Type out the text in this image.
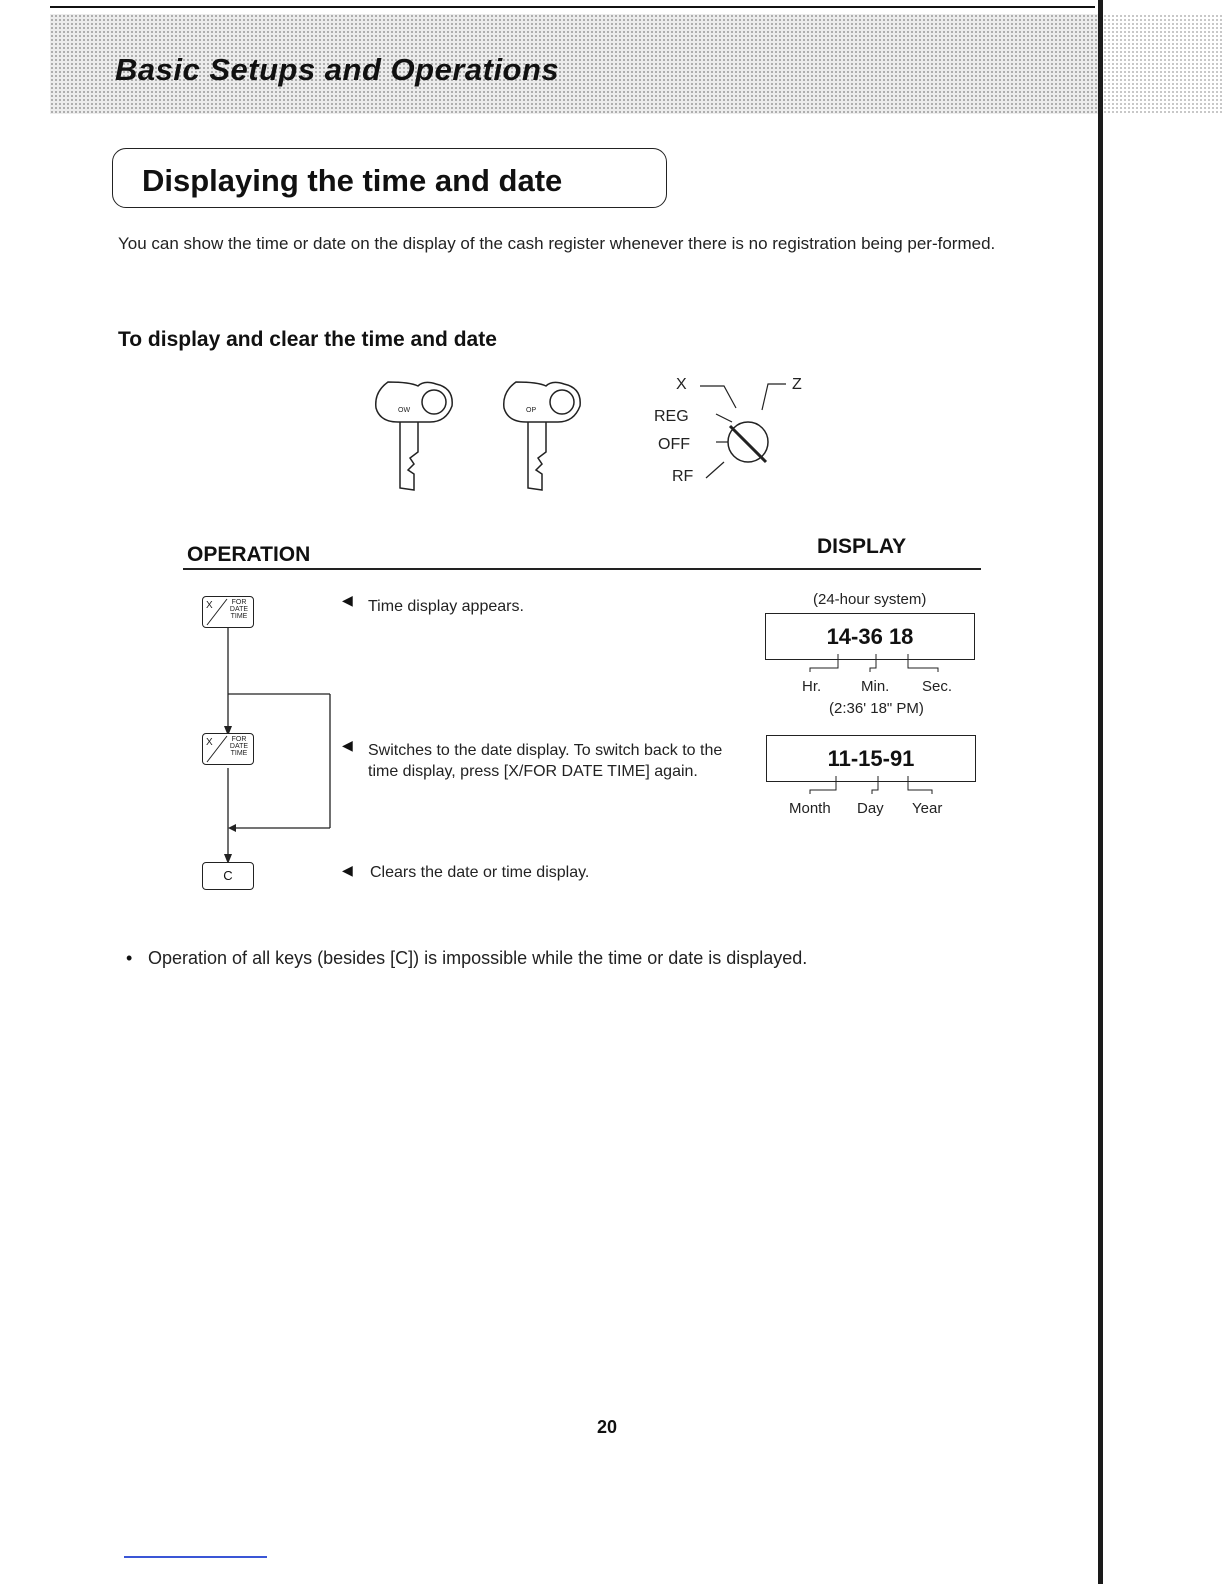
Basic Setups and Operations
Displaying the time and date
You can show the time or date on the display of the cash register whenever there is no registration being per-formed.
To display and clear the time and date
OW	OP
X	Z
REG
OFF
RF
OPERATION	DISPLAY
X	FOR DATE TIME
◀ Time display appears.	(24-hour system)
14-36 18
Hr.	Min. Sec.
(2:36' 18" PM)
X	FOR DATE TIME
◀ Switches to the date display. To switch back to the time display, press [X/FOR DATE TIME] again.
11-15-91
Month Day Year
C	◀ Clears the date or time display.
• Operation of all keys (besides [C]) is impossible while the time or date is displayed.
20
